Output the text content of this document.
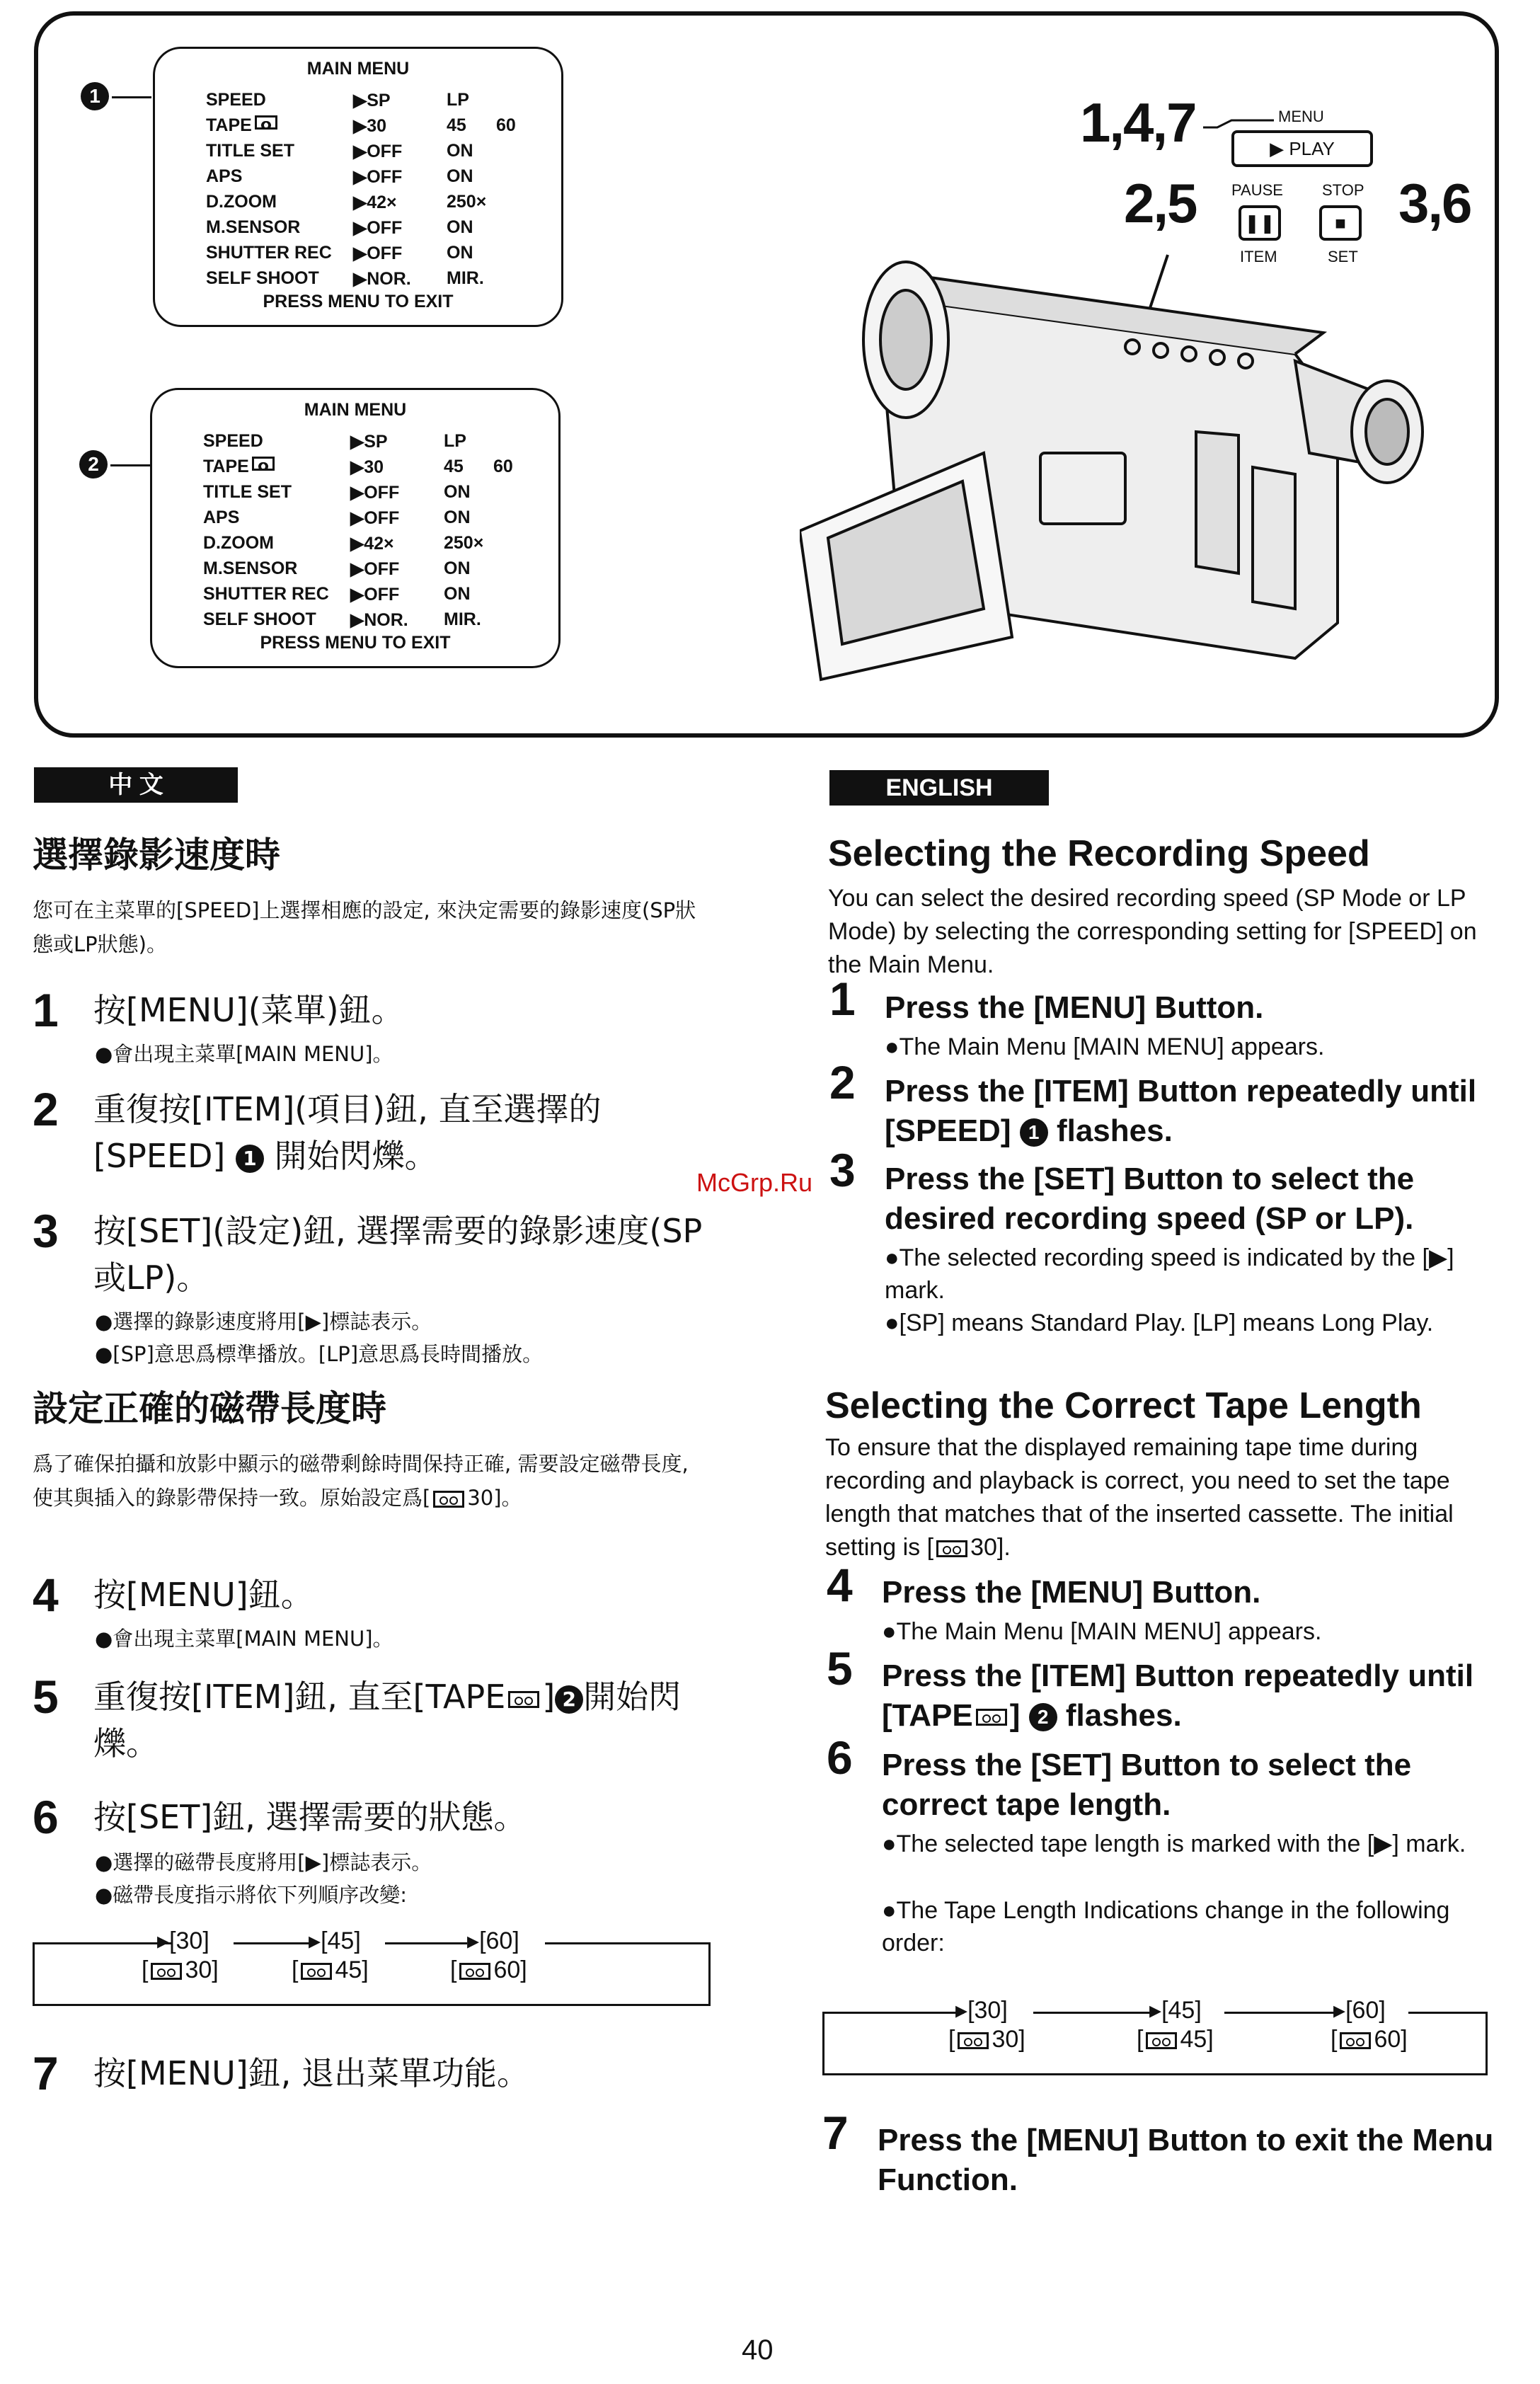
1
MAIN MENU
SPEED	▶SP	LP
TAPE	▶30	45 60
TITLE SET	▶OFF	ON
APS	▶OFF	ON
D.ZOOM	▶42×	250×
M.SENSOR	▶OFF	ON
SHUTTER REC ▶OFF	ON
SELF SHOOT ▶NOR. MIR.
PRESS MENU TO EXIT
2
MAIN MENU
SPEED	▶SP	LP
TAPE	▶30	45 60
TITLE SET	▶OFF	ON
APS	▶OFF	ON
D.ZOOM	▶42×	250×
M.SENSOR	▶OFF	ON
SHUTTER REC ▶OFF	ON
SELF SHOOT ▶NOR. MIR.
PRESS MENU TO EXIT
1,4,7	MENU
▶ PLAY
2,5 PAUSE
❚❚
ITEM
STOP
■
SET
3,6
中 文
選擇錄影速度時
您可在主菜單的[SPEED]上選擇相應的設定, 來決定需要的錄影速度(SP狀態或LP狀態)。
1 按[MENU](菜單)鈕。
●會出現主菜單[MAIN MENU]。
2 重復按[ITEM](項目)鈕, 直至選擇的[SPEED] 1 開始閃爍。
3 按[SET](設定)鈕, 選擇需要的錄影速度(SP或LP)。
●選擇的錄影速度將用[▶]標誌表示。
●[SP]意思爲標準播放。[LP]意思爲長時間播放。
設定正確的磁帶長度時
爲了確保拍攝和放影中顯示的磁帶剩餘時間保持正確, 需要設定磁帶長度, 使其與插入的錄影帶保持一致。原始設定爲[ 30]。
4 按[MENU]鈕。
●會出現主菜單[MAIN MENU]。
5 重復按[ITEM]鈕, 直至[TAPE ] 2 開始閃爍。
6 按[SET]鈕, 選擇需要的狀態。
●選擇的磁帶長度將用[▶]標誌表示。
●磁帶長度指示將依下列順序改變:
▸[30]	▸[45]	▸[60]
[ 30]	[ 45]	[ 60]
7 按[MENU]鈕, 退出菜單功能。
McGrp.Ru
ENGLISH
Selecting the Recording Speed
You can select the desired recording speed (SP Mode or LP Mode) by selecting the corresponding setting for [SPEED] on the Main Menu.
1 Press the [MENU] Button.
●The Main Menu [MAIN MENU] appears.
2 Press the [ITEM] Button repeatedly until [SPEED] 1 flashes.
3 Press the [SET] Button to select the desired recording speed (SP or LP).
●The selected recording speed is indicated by the [▶] mark.
●[SP] means Standard Play. [LP] means Long Play.
Selecting the Correct Tape Length
To ensure that the displayed remaining tape time during recording and playback is correct, you need to set the tape length that matches that of the inserted cassette. The initial setting is [ 30].
4 Press the [MENU] Button.
●The Main Menu [MAIN MENU] appears.
5 Press the [ITEM] Button repeatedly until [TAPE ] 2 flashes.
6 Press the [SET] Button to select the correct tape length.
●The selected tape length is marked with the [▶] mark.
●The Tape Length Indications change in the following order:
▸[30]	▸[45]	▸[60]
[ 30]	[ 45]	[ 60]
7 Press the [MENU] Button to exit the Menu Function.
40
